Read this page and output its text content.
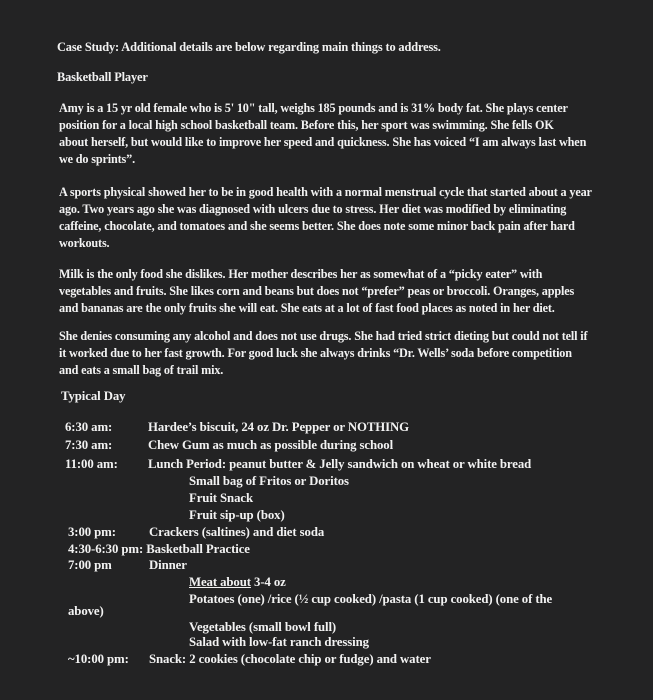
Case Study: Additional details are below regarding main things to address.
Basketball Player
Amy is a 15 yr old female who is 5' 10" tall, weighs 185 pounds and is 31% body fat. She plays center
position for a local high school basketball team. Before this, her sport was swimming. She fells OK
about herself, but would like to improve her speed and quickness. She has voiced “I am always last when
we do sprints”.
A sports physical showed her to be in good health with a normal menstrual cycle that started about a year
ago. Two years ago she was diagnosed with ulcers due to stress. Her diet was modified by eliminating
caffeine, chocolate, and tomatoes and she seems better. She does note some minor back pain after hard
workouts.
Milk is the only food she dislikes. Her mother describes her as somewhat of a “picky eater” with
vegetables and fruits. She likes corn and beans but does not “prefer” peas or broccoli. Oranges, apples
and bananas are the only fruits she will eat. She eats at a lot of fast food places as noted in her diet.
She denies consuming any alcohol and does not use drugs. She had tried strict dieting but could not tell if
it worked due to her fast growth. For good luck she always drinks “Dr. Wells’ soda before competition
and eats a small bag of trail mix.
Typical Day
6:30 am:	Hardee’s biscuit, 24 oz Dr. Pepper or NOTHING
7:30 am:	Chew Gum as much as possible during school
11:00 am: Lunch Period: peanut butter & Jelly sandwich on wheat or white bread
Small bag of Fritos or Doritos
Fruit Snack
Fruit sip-up (box)
3:00 pm:	Crackers (saltines) and diet soda
4:30-6:30 pm: Basketball Practice
7:00 pm	Dinner
Meat about 3-4 oz
Potatoes (one) /rice (½ cup cooked) /pasta (1 cup cooked) (one of the
above)
Vegetables (small bowl full)
Salad with low-fat ranch dressing
~10:00 pm: Snack: 2 cookies (chocolate chip or fudge) and water
